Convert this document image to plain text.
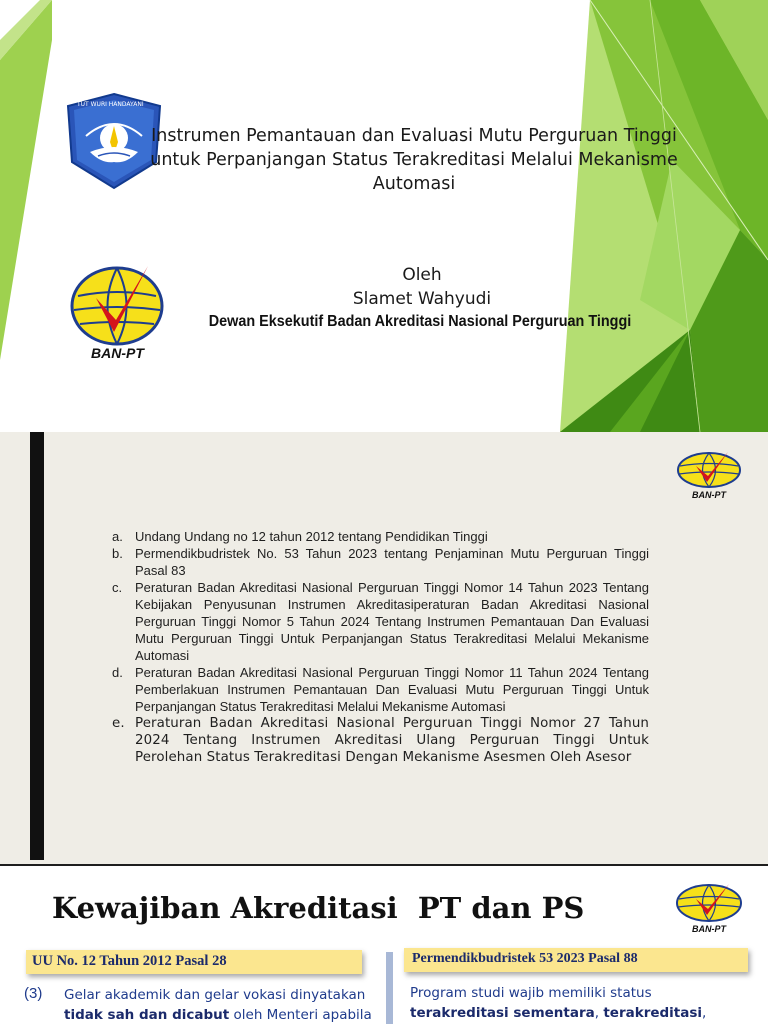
TUT WURI HANDAYANI
BAN-PT
Instrumen Pemantauan dan Evaluasi Mutu Perguruan Tinggi untuk Perpanjangan Status Terakreditasi Melalui Mekanisme Automasi
Oleh
Slamet Wahyudi
Dewan Eksekutif Badan Akreditasi Nasional Perguruan Tinggi
BAN-PT
a. Undang Undang no 12 tahun 2012 tentang Pendidikan Tinggi
b. Permendikbudristek No. 53 Tahun 2023 tentang Penjaminan Mutu Perguruan Tinggi Pasal 83
c. Peraturan Badan Akreditasi Nasional Perguruan Tinggi Nomor 14 Tahun 2023 Tentang Kebijakan Penyusunan Instrumen Akreditasiperaturan Badan Akreditasi Nasional Perguruan Tinggi Nomor 5 Tahun 2024 Tentang Instrumen Pemantauan Dan Evaluasi Mutu Perguruan Tinggi Untuk Perpanjangan Status Terakreditasi Melalui Mekanisme Automasi
d. Peraturan Badan Akreditasi Nasional Perguruan Tinggi Nomor 11 Tahun 2024 Tentang Pemberlakuan Instrumen Pemantauan Dan Evaluasi Mutu Perguruan Tinggi Untuk Perpanjangan Status Terakreditasi Melalui Mekanisme Automasi
e. Peraturan Badan Akreditasi Nasional Perguruan Tinggi Nomor 27 Tahun 2024 Tentang Instrumen Akreditasi Ulang Perguruan Tinggi Untuk Perolehan Status Terakreditasi Dengan Mekanisme Asesmen Oleh Asesor
Kewajiban Akreditasi  PT dan PS
BAN-PT
UU No. 12 Tahun 2012 Pasal 28	Permendikbudristek 53 2023 Pasal 88
(3) Gelar akademik dan gelar vokasi dinyatakan
tidak sah dan dicabut oleh Menteri apabila
Program studi wajib memiliki status
terakreditasi sementara, terakreditasi,
